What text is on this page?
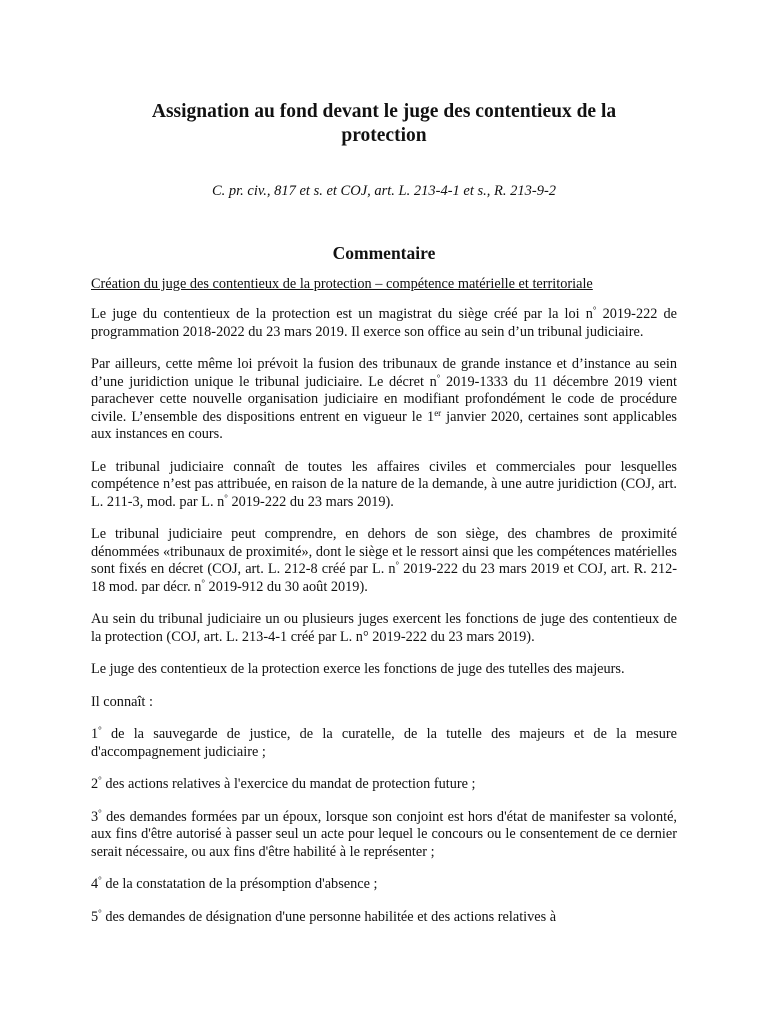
Assignation au fond devant le juge des contentieux de la protection

C. pr. civ., 817 et s. et COJ, art. L. 213-4-1 et s., R. 213-9-2

Commentaire

Création du juge des contentieux de la protection – compétence matérielle et territoriale

Le juge du contentieux de la protection est un magistrat du siège créé par la loi n° 2019-222 de programmation 2018-2022 du 23 mars 2019. Il exerce son office au sein d’un tribunal judiciaire.

Par ailleurs, cette même loi prévoit la fusion des tribunaux de grande instance et d’instance au sein d’une juridiction unique le tribunal judiciaire. Le décret n° 2019-1333 du 11 décembre 2019 vient parachever cette nouvelle organisation judiciaire en modifiant profondément le code de procédure civile. L’ensemble des dispositions entrent en vigueur le 1er janvier 2020, certaines sont applicables aux instances en cours.

Le tribunal judiciaire connaît de toutes les affaires civiles et commerciales pour lesquelles compétence n’est pas attribuée, en raison de la nature de la demande, à une autre juridiction (COJ, art. L. 211-3, mod. par L. n° 2019-222 du 23 mars 2019).

Le tribunal judiciaire peut comprendre, en dehors de son siège, des chambres de proximité dénommées «tribunaux de proximité», dont le siège et le ressort ainsi que les compétences matérielles sont fixés en décret (COJ, art. L. 212-8 créé par L. n° 2019-222 du 23 mars 2019 et COJ, art. R. 212-18 mod. par décr. n° 2019-912 du 30 août 2019).

Au sein du tribunal judiciaire un ou plusieurs juges exercent les fonctions de juge des contentieux de la protection (COJ, art. L. 213-4-1 créé par L. n° 2019-222 du 23 mars 2019).

Le juge des contentieux de la protection exerce les fonctions de juge des tutelles des majeurs.

Il connaît :

1° de la sauvegarde de justice, de la curatelle, de la tutelle des majeurs et de la mesure d'accompagnement judiciaire ;

2° des actions relatives à l'exercice du mandat de protection future ;

3° des demandes formées par un époux, lorsque son conjoint est hors d'état de manifester sa volonté, aux fins d'être autorisé à passer seul un acte pour lequel le concours ou le consentement de ce dernier serait nécessaire, ou aux fins d'être habilité à le représenter ;

4° de la constatation de la présomption d'absence ;

5° des demandes de désignation d'une personne habilitée et des actions relatives à
